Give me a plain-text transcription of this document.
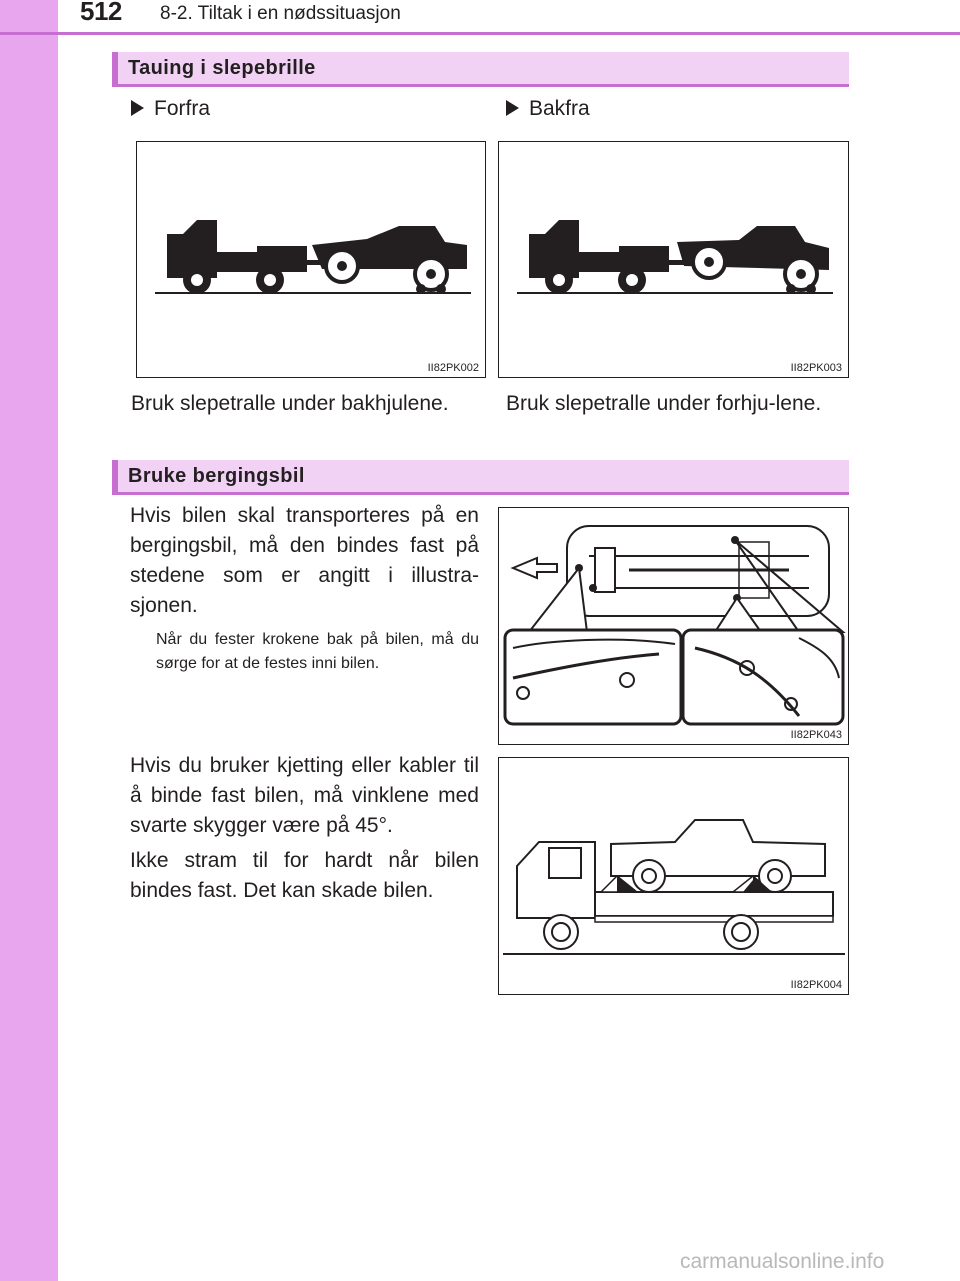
512 8-2. Tiltak i en nødssituasjon
Tauing i slepebrille
Forfra	Bakfra
II82PK002	II82PK003
Bruk slepetralle under bakhjulene.	Bruk slepetralle under forhju-lene.
Bruke bergingsbil
Hvis bilen skal transporteres på en bergingsbil, må den bindes fast på stedene som er angitt i illustra-sjonen.
Når du fester krokene bak på bilen, må du sørge for at de festes inni bilen.
Hvis du bruker kjetting eller kabler til å binde fast bilen, må vinklene med svarte skygger være på 45°.
Ikke stram til for hardt når bilen bindes fast. Det kan skade bilen.
II82PK043
II82PK004
carmanualsonline.info
